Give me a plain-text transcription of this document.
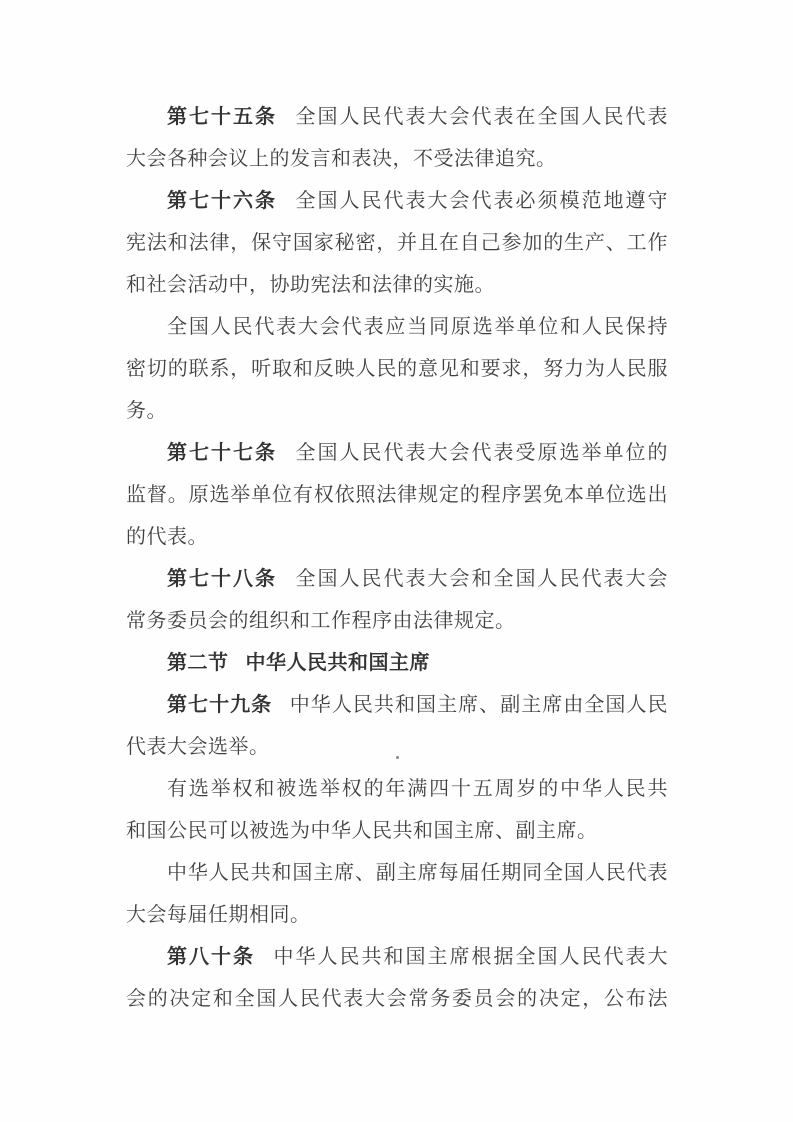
第七十五条 全国人民代表大会代表在全国人民代表
大会各种会议上的发言和表决，不受法律追究。
第七十六条 全国人民代表大会代表必须模范地遵守
宪法和法律，保守国家秘密，并且在自己参加的生产、工作
和社会活动中，协助宪法和法律的实施。
全国人民代表大会代表应当同原选举单位和人民保持
密切的联系，听取和反映人民的意见和要求，努力为人民服
务。
第七十七条 全国人民代表大会代表受原选举单位的
监督。原选举单位有权依照法律规定的程序罢免本单位选出
的代表。
第七十八条 全国人民代表大会和全国人民代表大会
常务委员会的组织和工作程序由法律规定。
第二节 中华人民共和国主席
第七十九条 中华人民共和国主席、副主席由全国人民
代表大会选举。
有选举权和被选举权的年满四十五周岁的中华人民共
和国公民可以被选为中华人民共和国主席、副主席。
中华人民共和国主席、副主席每届任期同全国人民代表
大会每届任期相同。
第八十条 中华人民共和国主席根据全国人民代表大
会的决定和全国人民代表大会常务委员会的决定，公布法
